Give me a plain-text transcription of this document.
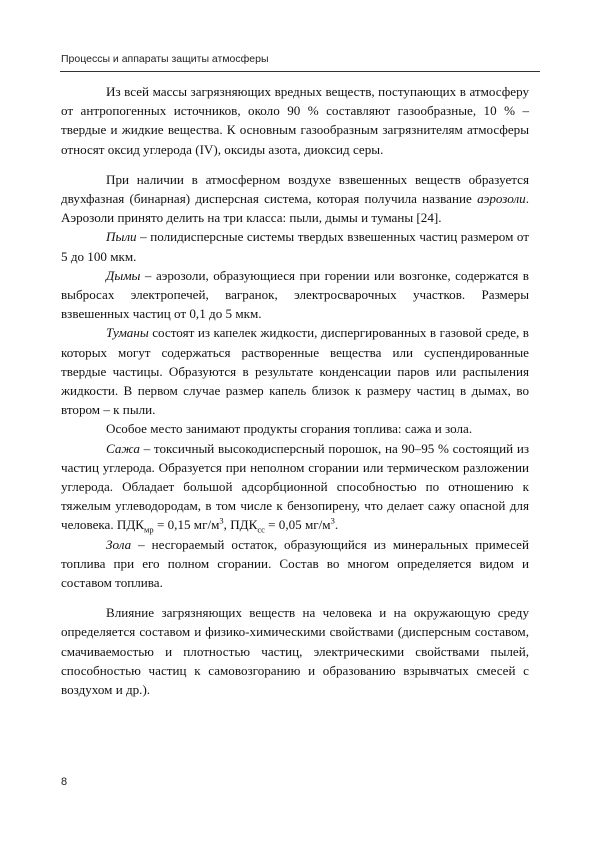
Процессы и аппараты защиты атмосферы

Из всей массы загрязняющих вредных веществ, поступающих в атмосферу от антропогенных источников, около 90 % составляют газообразные, 10 % – твердые и жидкие вещества. К основным газообразным загрязнителям атмосферы относят оксид углерода (IV), оксиды азота, диоксид серы.

При наличии в атмосферном воздухе взвешенных веществ образуется двухфазная (бинарная) дисперсная система, которая получила название аэрозоли. Аэрозоли принято делить на три класса: пыли, дымы и туманы [24].

Пыли – полидисперсные системы твердых взвешенных частиц размером от 5 до 100 мкм.

Дымы – аэрозоли, образующиеся при горении или возгонке, содержатся в выбросах электропечей, вагранок, электросварочных участков. Размеры взвешенных частиц от 0,1 до 5 мкм.

Туманы состоят из капелек жидкости, диспергированных в газовой среде, в которых могут содержаться растворенные вещества или суспендированные твердые частицы. Образуются в результате конденсации паров или распыления жидкости. В первом случае размер капель близок к размеру частиц в дымах, во втором – к пыли.

Особое место занимают продукты сгорания топлива: сажа и зола.

Сажа – токсичный высокодисперсный порошок, на 90–95 % состоящий из частиц углерода. Образуется при неполном сгорании или термическом разложении углерода. Обладает большой адсорбционной способностью по отношению к тяжелым углеводородам, в том числе к бензопирену, что делает сажу опасной для человека. $ПДК_{мр} = 0,15$ $мг/м^3$, $ПДК_{сс} = 0,05$ $мг/м^3$.

Зола – несгораемый остаток, образующийся из минеральных примесей топлива при его полном сгорании. Состав во многом определяется видом и составом топлива.

Влияние загрязняющих веществ на человека и на окружающую среду определяется составом и физико-химическими свойствами (дисперсным составом, смачиваемостью и плотностью частиц, электрическими свойствами пылей, способностью частиц к самовозгоранию и образованию взрывчатых смесей с воздухом и др.).

8
